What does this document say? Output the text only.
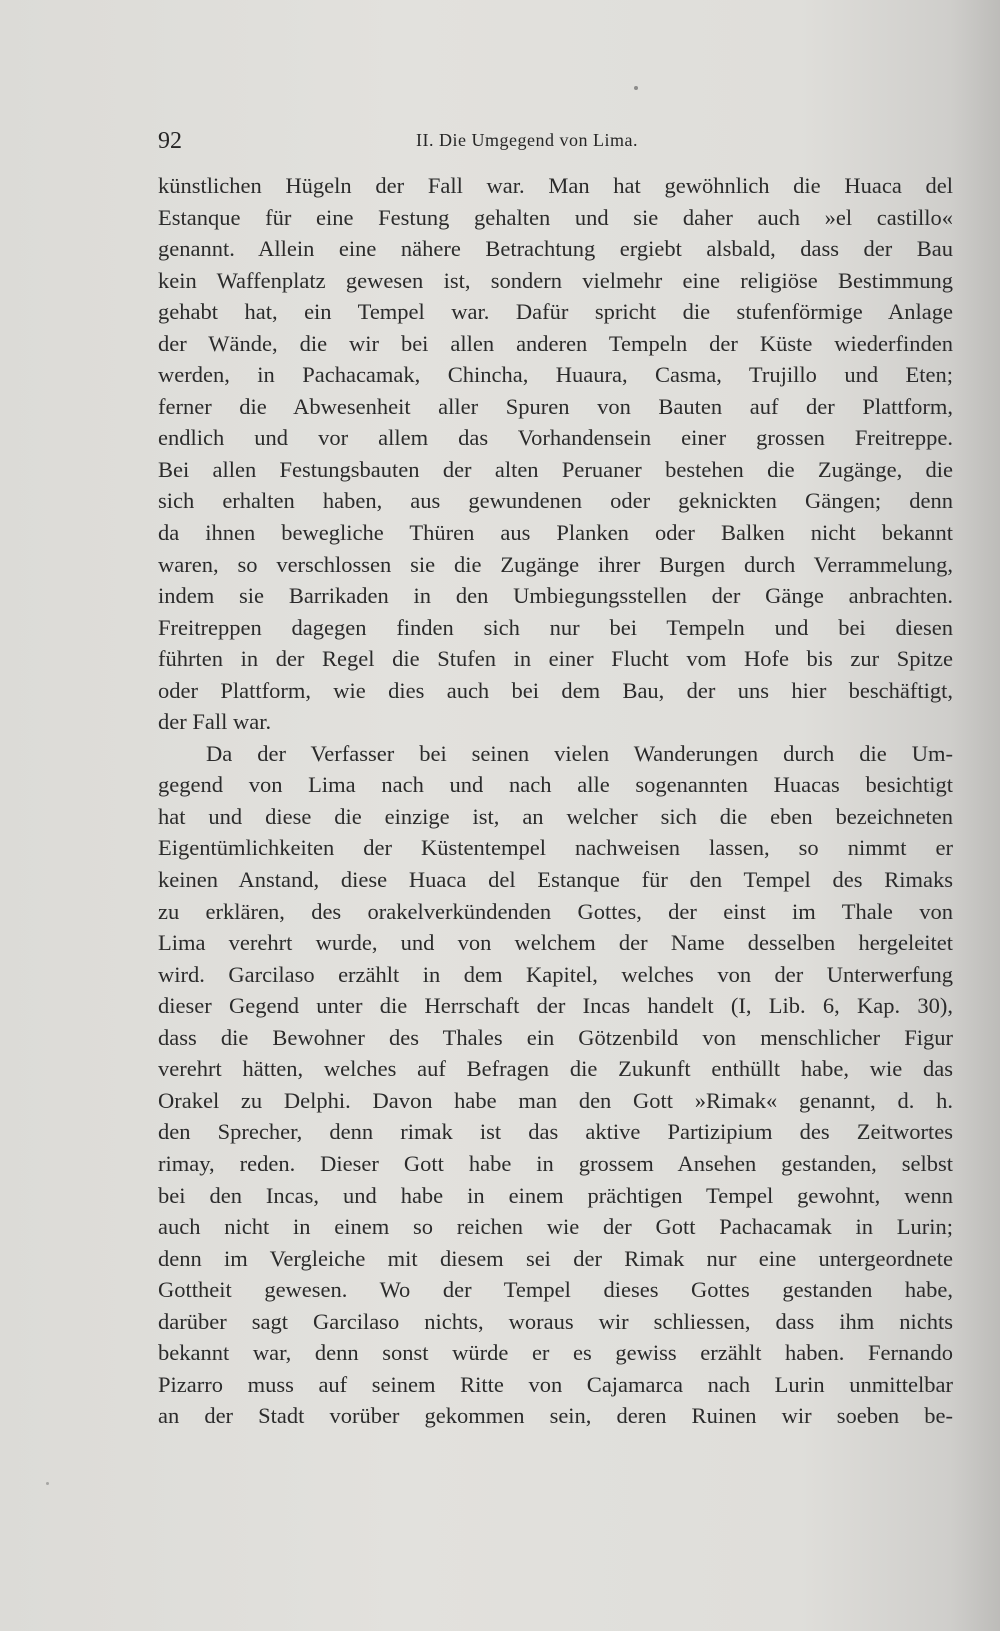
92	II. Die Umgegend von Lima.
künstlichen Hügeln der Fall war. Man hat gewöhnlich die Huaca del
Estanque für eine Festung gehalten und sie daher auch »el castillo«
genannt. Allein eine nähere Betrachtung ergiebt alsbald, dass der Bau
kein Waffenplatz gewesen ist, sondern vielmehr eine religiöse Bestimmung
gehabt hat, ein Tempel war. Dafür spricht die stufenförmige Anlage
der Wände, die wir bei allen anderen Tempeln der Küste wiederfinden
werden, in Pachacamak, Chincha, Huaura, Casma, Trujillo und Eten;
ferner die Abwesenheit aller Spuren von Bauten auf der Plattform,
endlich und vor allem das Vorhandensein einer grossen Freitreppe.
Bei allen Festungsbauten der alten Peruaner bestehen die Zugänge, die
sich erhalten haben, aus gewundenen oder geknickten Gängen; denn
da ihnen bewegliche Thüren aus Planken oder Balken nicht bekannt
waren, so verschlossen sie die Zugänge ihrer Burgen durch Verrammelung,
indem sie Barrikaden in den Umbiegungsstellen der Gänge anbrachten.
Freitreppen dagegen finden sich nur bei Tempeln und bei diesen
führten in der Regel die Stufen in einer Flucht vom Hofe bis zur Spitze
oder Plattform, wie dies auch bei dem Bau, der uns hier beschäftigt,
der Fall war.
Da der Verfasser bei seinen vielen Wanderungen durch die Um-
gegend von Lima nach und nach alle sogenannten Huacas besichtigt
hat und diese die einzige ist, an welcher sich die eben bezeichneten
Eigentümlichkeiten der Küstentempel nachweisen lassen, so nimmt er
keinen Anstand, diese Huaca del Estanque für den Tempel des Rimaks
zu erklären, des orakelverkündenden Gottes, der einst im Thale von
Lima verehrt wurde, und von welchem der Name desselben hergeleitet
wird. Garcilaso erzählt in dem Kapitel, welches von der Unterwerfung
dieser Gegend unter die Herrschaft der Incas handelt (I, Lib. 6, Kap. 30),
dass die Bewohner des Thales ein Götzenbild von menschlicher Figur
verehrt hätten, welches auf Befragen die Zukunft enthüllt habe, wie das
Orakel zu Delphi. Davon habe man den Gott »Rimak« genannt, d. h.
den Sprecher, denn rimak ist das aktive Partizipium des Zeitwortes
rimay, reden. Dieser Gott habe in grossem Ansehen gestanden, selbst
bei den Incas, und habe in einem prächtigen Tempel gewohnt, wenn
auch nicht in einem so reichen wie der Gott Pachacamak in Lurin;
denn im Vergleiche mit diesem sei der Rimak nur eine untergeordnete
Gottheit gewesen. Wo der Tempel dieses Gottes gestanden habe,
darüber sagt Garcilaso nichts, woraus wir schliessen, dass ihm nichts
bekannt war, denn sonst würde er es gewiss erzählt haben. Fernando
Pizarro muss auf seinem Ritte von Cajamarca nach Lurin unmittelbar
an der Stadt vorüber gekommen sein, deren Ruinen wir soeben be-
